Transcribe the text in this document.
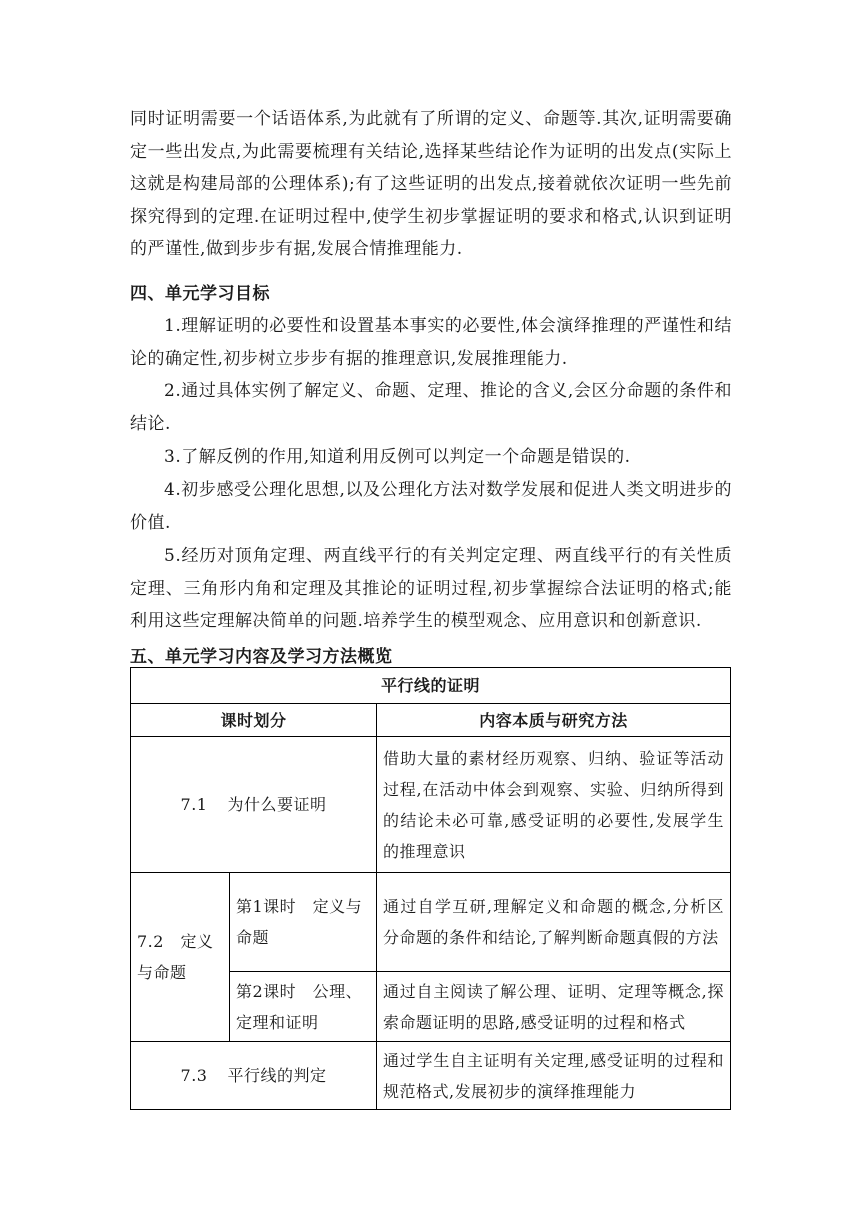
同时证明需要一个话语体系,为此就有了所谓的定义、命题等.其次,证明需要确定一些出发点,为此需要梳理有关结论,选择某些结论作为证明的出发点(实际上这就是构建局部的公理体系);有了这些证明的出发点,接着就依次证明一些先前探究得到的定理.在证明过程中,使学生初步掌握证明的要求和格式,认识到证明的严谨性,做到步步有据,发展合情推理能力.

四、单元学习目标

1.理解证明的必要性和设置基本事实的必要性,体会演绎推理的严谨性和结论的确定性,初步树立步步有据的推理意识,发展推理能力.

2.通过具体实例了解定义、命题、定理、推论的含义,会区分命题的条件和结论.

3.了解反例的作用,知道利用反例可以判定一个命题是错误的.

4.初步感受公理化思想,以及公理化方法对数学发展和促进人类文明进步的价值.

5.经历对顶角定理、两直线平行的有关判定定理、两直线平行的有关性质定理、三角形内角和定理及其推论的证明过程,初步掌握综合法证明的格式;能利用这些定理解决简单的问题.培养学生的模型观念、应用意识和创新意识.

五、单元学习内容及学习方法概览
平行线的证明		
课时划分		内容本质与研究方法
7.1 为什么要证明		借助大量的素材经历观察、归纳、验证等活动过程,在活动中体会到观察、实验、归纳所得到的结论未必可靠,感受证明的必要性,发展学生的推理意识
7.2　定义与命题	第1课时　定义与命题	通过自学互研,理解定义和命题的概念,分析区分命题的条件和结论,了解判断命题真假的方法
	第2课时　公理、定理和证明	通过自主阅读了解公理、证明、定理等概念,探索命题证明的思路,感受证明的过程和格式
7.3 平行线的判定		通过学生自主证明有关定理,感受证明的过程和规范格式,发展初步的演绎推理能力
